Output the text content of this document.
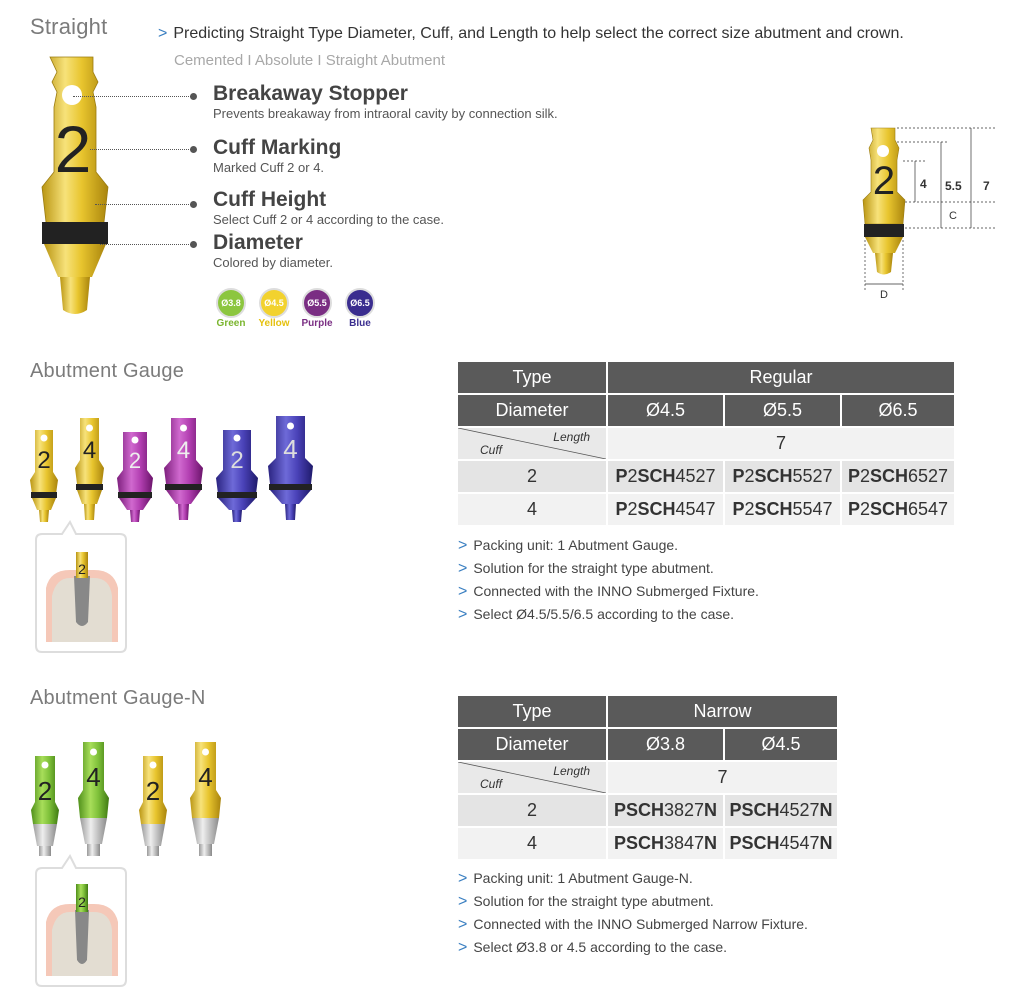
Straight	> Predicting Straight Type Diameter, Cuff, and Length to help select the correct size abutment and crown.
Cemented I Absolute I Straight Abutment
2
Breakaway Stopper
Prevents breakaway from intraoral cavity by connection silk.
Cuff Marking
Marked Cuff 2 or 4.
Cuff Height
Select Cuff 2 or 4 according to the case.
Diameter
Colored by diameter.
Ø3.8
Green
Ø4.5
Yellow
Ø5.5
Purple
Ø6.5
Blue
2 4 5.5 7
C
D
Abutment Gauge
2 4 2 4 2 4
2
Type	Regular		
Diameter	Ø4.5	Ø5.5	Ø6.5

Cuff
Length	7		
2	P2SCH4527	P2SCH5527	P2SCH6527
4	P2SCH4547	P2SCH5547	P2SCH6547
> Packing unit: 1 Abutment Gauge.
> Solution for the straight type abutment.
> Connected with the INNO Submerged Fixture.
> Select Ø4.5/5.5/6.5 according to the case.
Abutment Gauge-N
2 4 2 4
2
Type	Narrow	
Diameter	Ø3.8	Ø4.5

Cuff
Length	7	
2	PSCH3827N	PSCH4527N
4	PSCH3847N	PSCH4547N
> Packing unit: 1 Abutment Gauge-N.
> Solution for the straight type abutment.
> Connected with the INNO Submerged Narrow Fixture.
> Select Ø3.8 or 4.5 according to the case.
